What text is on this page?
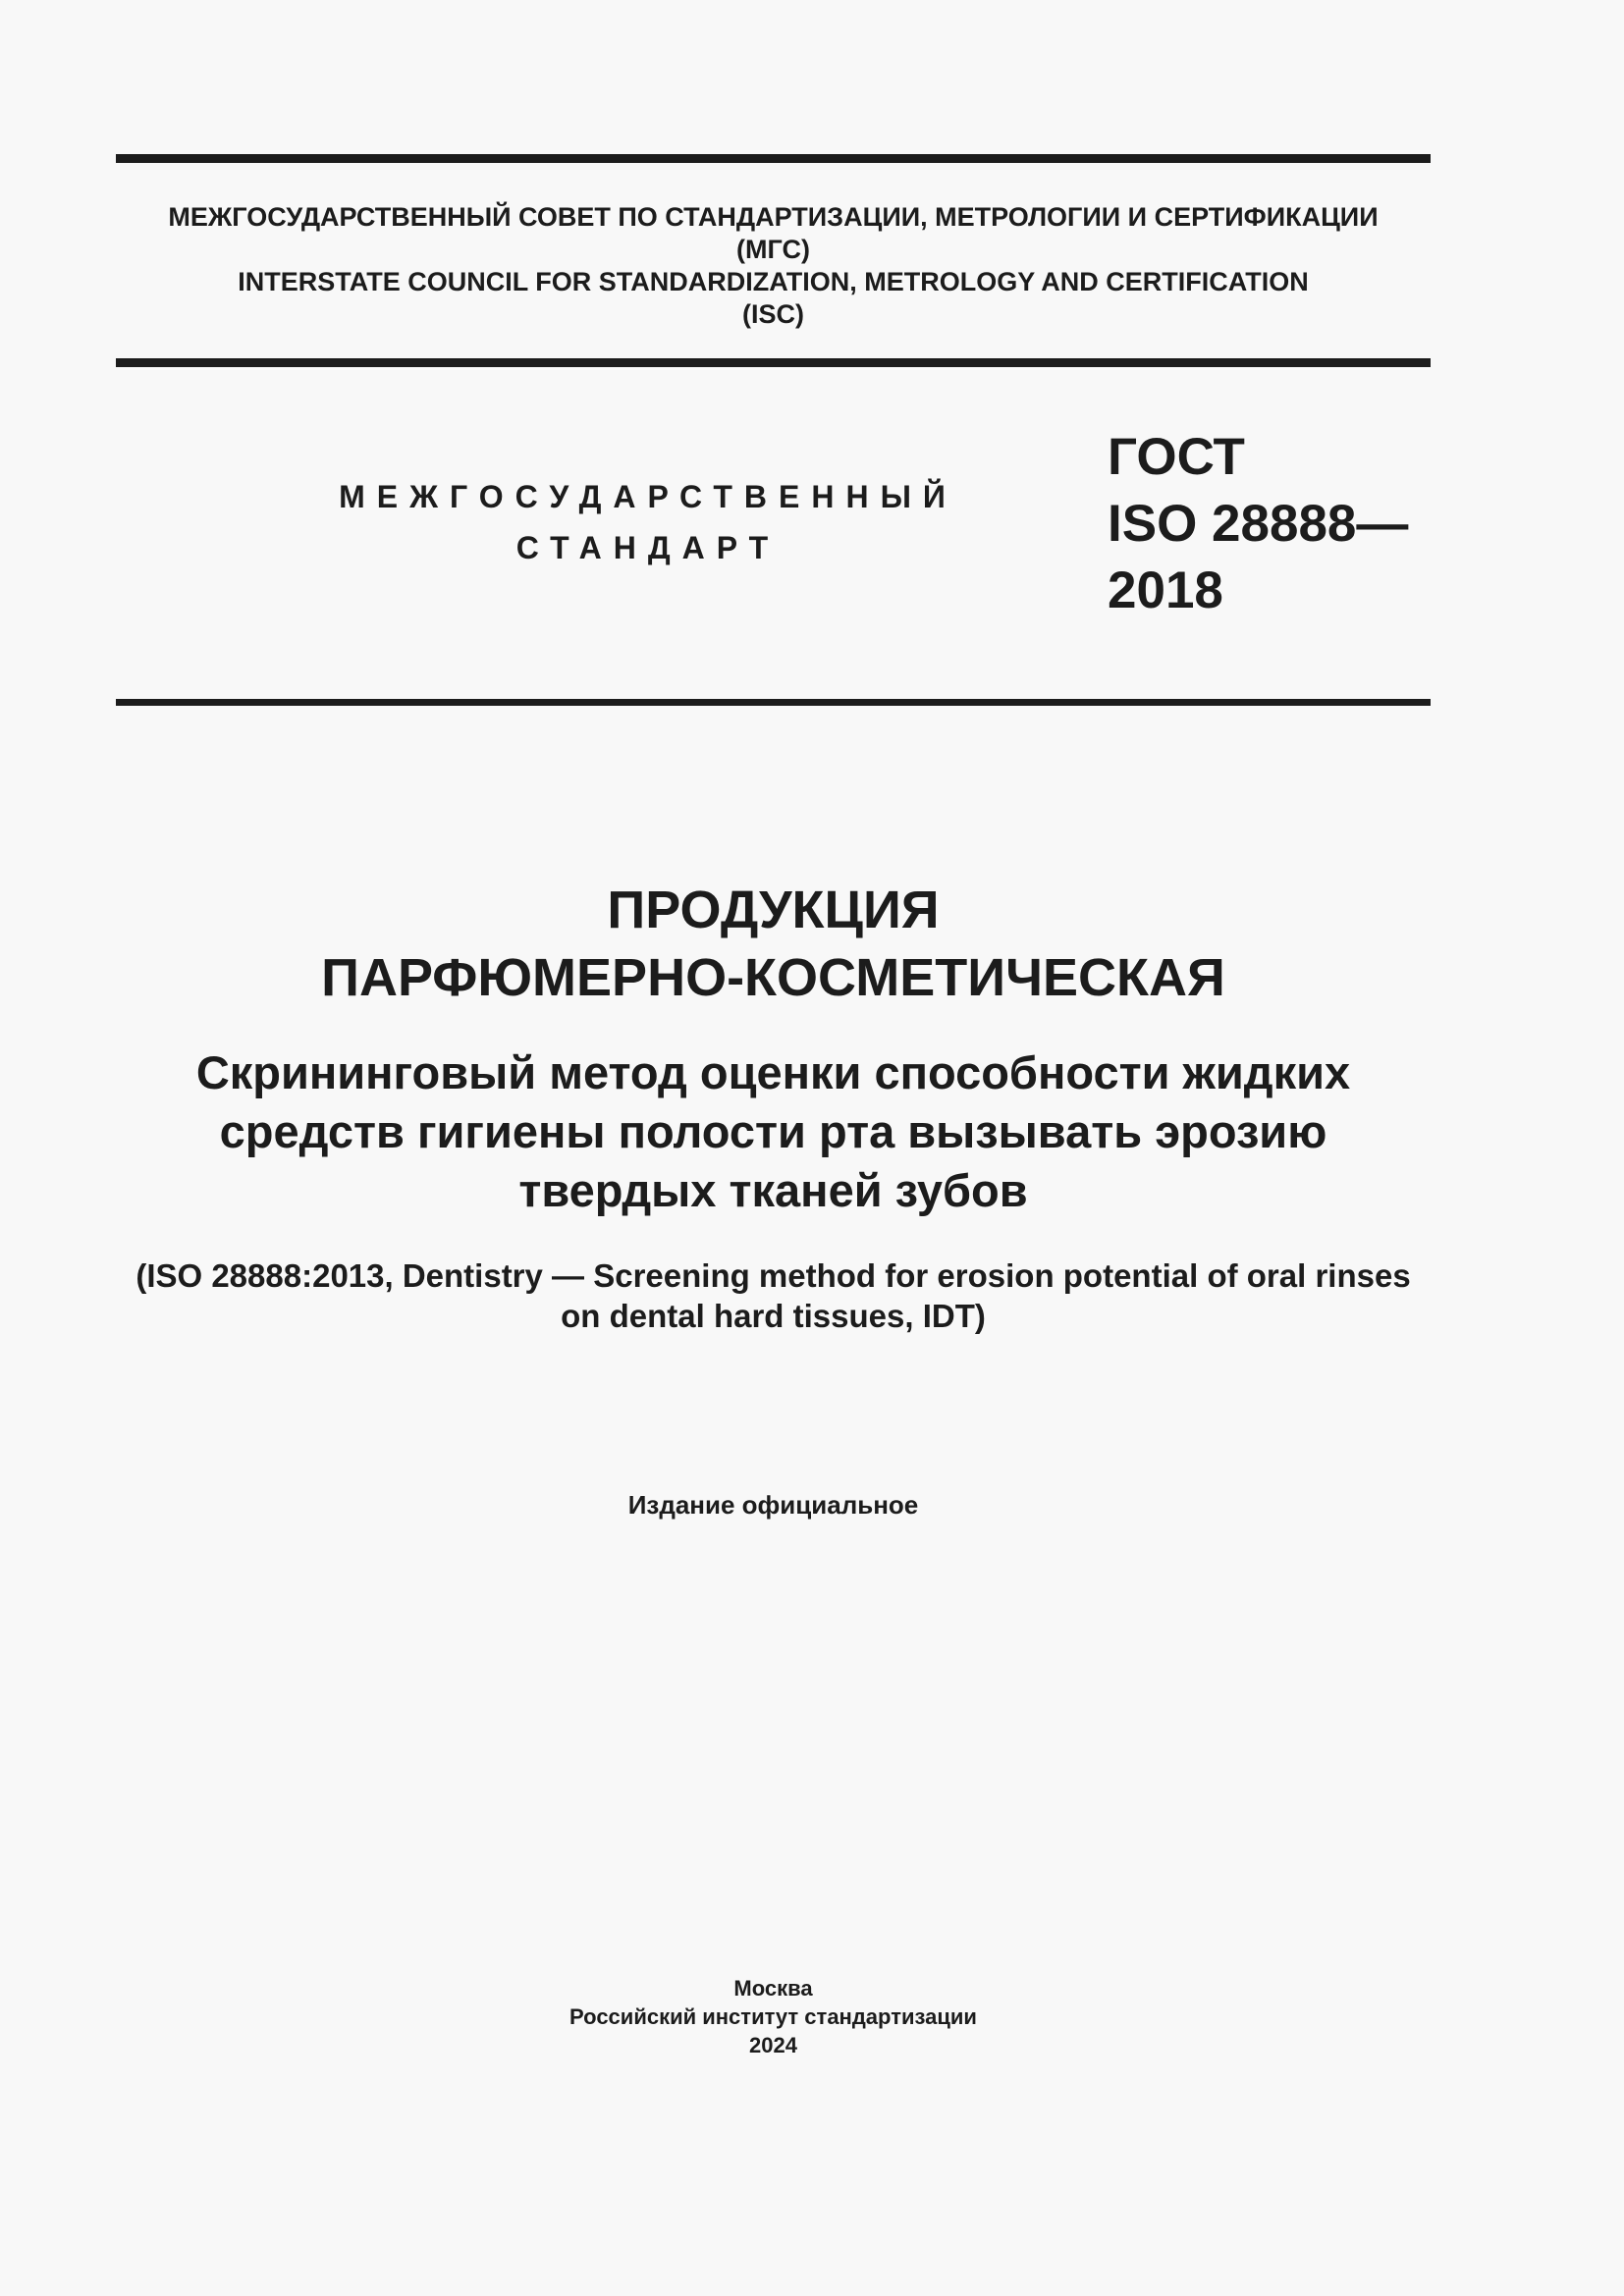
МЕЖГОСУДАРСТВЕННЫЙ СОВЕТ ПО СТАНДАРТИЗАЦИИ, МЕТРОЛОГИИ И СЕРТИФИКАЦИИ
(МГС)
INTERSTATE COUNCIL FOR STANDARDIZATION, METROLOGY AND CERTIFICATION
(ISC)
МЕЖГОСУДАРСТВЕННЫЙ
СТАНДАРТ
ГОСТ
ISO 28888—
2018
ПРОДУКЦИЯ
ПАРФЮМЕРНО-КОСМЕТИЧЕСКАЯ
Скрининговый метод оценки способности жидких
средств гигиены полости рта вызывать эрозию
твердых тканей зубов
(ISO 28888:2013, Dentistry — Screening method for erosion potential of oral rinses
on dental hard tissues, IDT)
Издание официальное
Москва
Российский институт стандартизации
2024
